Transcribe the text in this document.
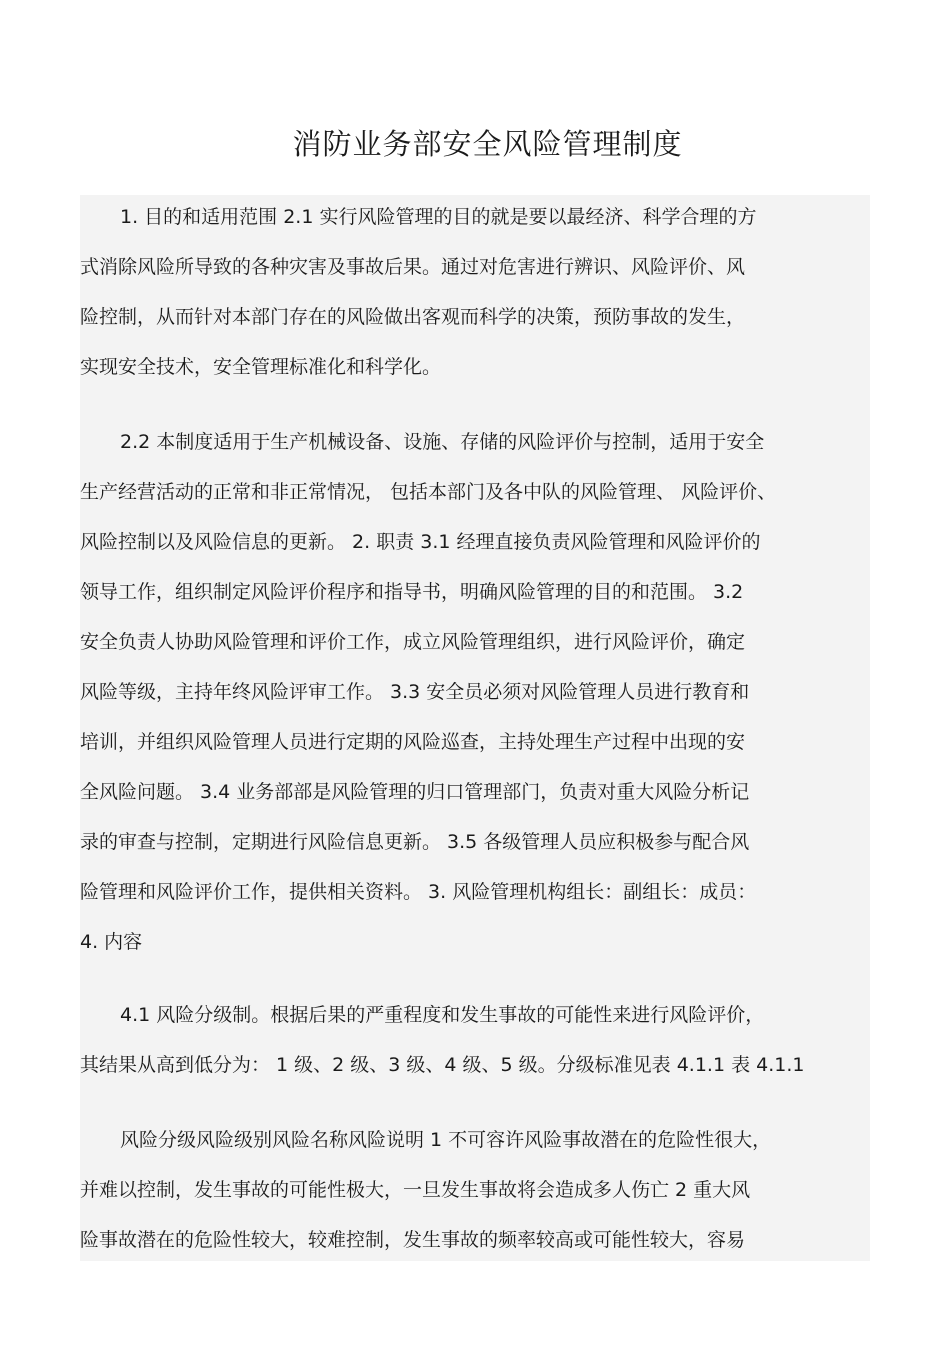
消防业务部安全风险管理制度
1. 目的和适用范围 2.1 实行风险管理的目的就是要以最经济、科学合理的方
式消除风险所导致的各种灾害及事故后果。通过对危害进行辨识、风险评价、风
险控制，从而针对本部门存在的风险做出客观而科学的决策，预防事故的发生，
实现安全技术，安全管理标准化和科学化。
2.2 本制度适用于生产机械设备、设施、存储的风险评价与控制，适用于安全
生产经营活动的正常和非正常情况， 包括本部门及各中队的风险管理、 风险评价、
风险控制以及风险信息的更新。 2. 职责 3.1 经理直接负责风险管理和风险评价的
领导工作，组织制定风险评价程序和指导书，明确风险管理的目的和范围。 3.2
安全负责人协助风险管理和评价工作，成立风险管理组织，进行风险评价，确定
风险等级，主持年终风险评审工作。 3.3 安全员必须对风险管理人员进行教育和
培训，并组织风险管理人员进行定期的风险巡查，主持处理生产过程中出现的安
全风险问题。 3.4 业务部部是风险管理的归口管理部门，负责对重大风险分析记
录的审查与控制，定期进行风险信息更新。 3.5 各级管理人员应积极参与配合风
险管理和风险评价工作，提供相关资料。 3. 风险管理机构组长：副组长：成员：
4. 内容
4.1 风险分级制。根据后果的严重程度和发生事故的可能性来进行风险评价，
其结果从高到低分为： 1 级、2 级、3 级、4 级、5 级。分级标准见表 4.1.1 表 4.1.1
风险分级风险级别风险名称风险说明 1 不可容许风险事故潜在的危险性很大，
并难以控制，发生事故的可能性极大，一旦发生事故将会造成多人伤亡 2 重大风
险事故潜在的危险性较大，较难控制，发生事故的频率较高或可能性较大，容易
